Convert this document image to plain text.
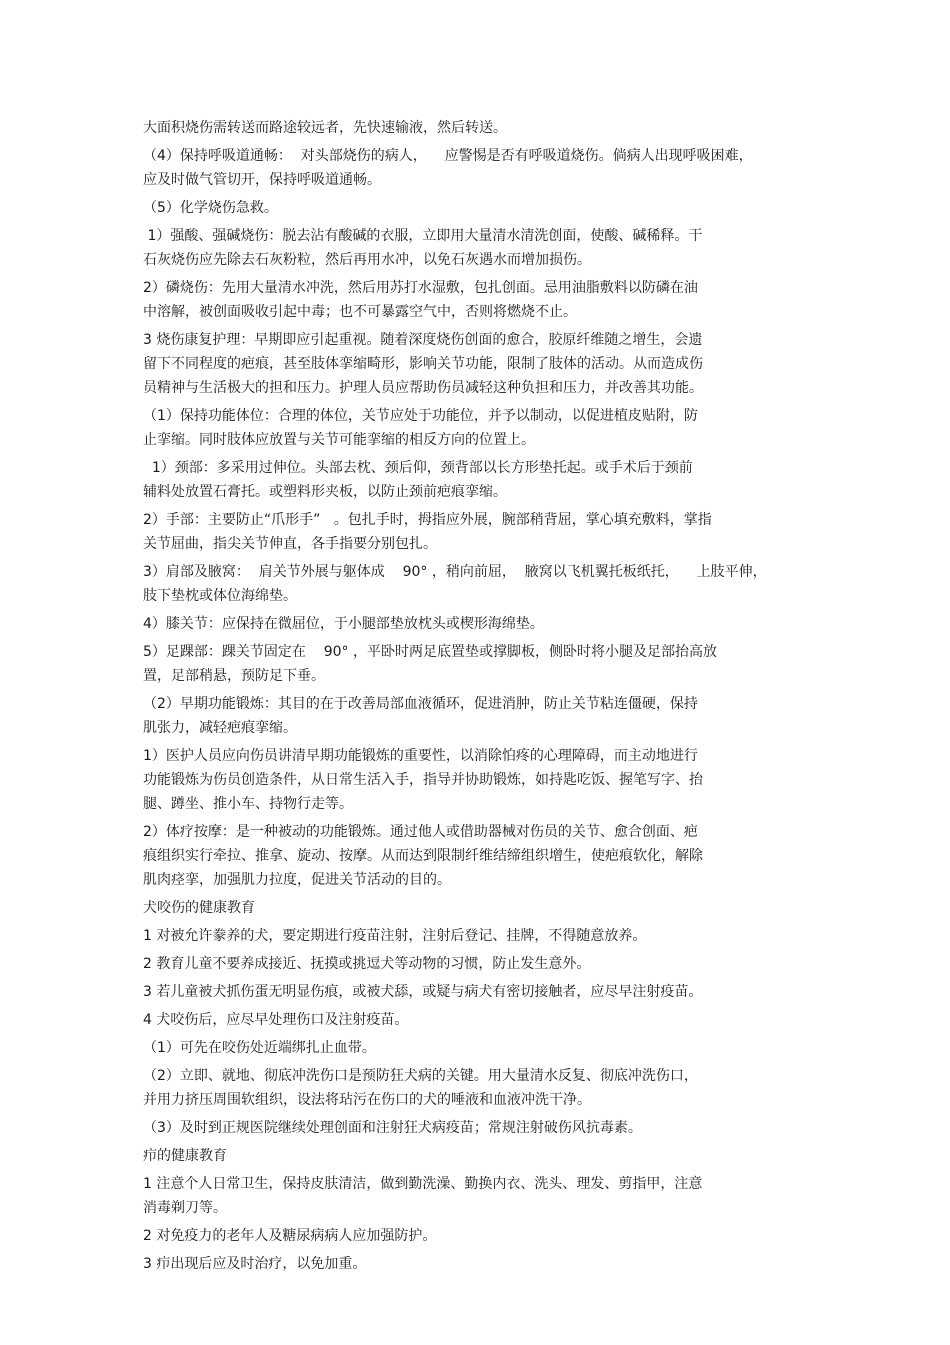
大面积烧伤需转送而路途较远者，先快速输液，然后转送。

（4）保持呼吸道通畅：  对头部烧伤的病人，    应警惕是否有呼吸道烧伤。倘病人出现呼吸困难，
应及时做气管切开，保持呼吸道通畅。

（5）化学烧伤急救。

1）强酸、强碱烧伤：脱去沾有酸碱的衣服，立即用大量清水清洗创面，使酸、碱稀释。干
石灰烧伤应先除去石灰粉粒，然后再用水冲，以免石灰遇水而增加损伤。

2）磷烧伤：先用大量清水冲洗，然后用苏打水湿敷，包扎创面。忌用油脂敷料以防磷在油
中溶解，被创面吸收引起中毒；也不可暴露空气中，否则将燃烧不止。

3 烧伤康复护理：早期即应引起重视。随着深度烧伤创面的愈合，胶原纤维随之增生，会遗
留下不同程度的疤痕，甚至肢体挛缩畸形，影响关节功能，限制了肢体的活动。从而造成伤
员精神与生活极大的担和压力。护理人员应帮助伤员减轻这种负担和压力，并改善其功能。

（1）保持功能体位：合理的体位，关节应处于功能位，并予以制动，以促进植皮贴附，防
止挛缩。同时肢体应放置与关节可能挛缩的相反方向的位置上。

1）颈部：多采用过伸位。头部去枕、颈后仰，颈背部以长方形垫托起。或手术后于颈前
辅料处放置石膏托。或塑料形夹板，以防止颈前疤痕挛缩。

2）手部：主要防止“爪形手”   。包扎手时，拇指应外展，腕部稍背屈，掌心填充敷料，掌指
关节屈曲，指尖关节伸直，各手指要分别包扎。

3）肩部及腋窝：  肩关节外展与躯体成    90° ，稍向前屈，  腋窝以飞机翼托板纸托，    上肢平伸，
肢下垫枕或体位海绵垫。

4）膝关节：应保持在微屈位，于小腿部垫放枕头或楔形海绵垫。

5）足踝部：踝关节固定在    90° ，平卧时两足底置垫或撑脚板，侧卧时将小腿及足部抬高放
置，足部稍悬，预防足下垂。

（2）早期功能锻炼：其目的在于改善局部血液循环，促进消肿，防止关节粘连僵硬，保持
肌张力，减轻疤痕挛缩。

1）医护人员应向伤员讲清早期功能锻炼的重要性，以消除怕疼的心理障碍，而主动地进行
功能锻炼为伤员创造条件，从日常生活入手，指导并协助锻炼，如持匙吃饭、握笔写字、抬
腿、蹲坐、推小车、持物行走等。

2）体疗按摩：是一种被动的功能锻炼。通过他人或借助器械对伤员的关节、愈合创面、疤
痕组织实行牵拉、推拿、旋动、按摩。从而达到限制纤维结缔组织增生，使疤痕软化，解除
肌肉痉挛，加强肌力拉度，促进关节活动的目的。

犬咬伤的健康教育

1 对被允许豢养的犬，要定期进行疫苗注射，注射后登记、挂牌，不得随意放养。

2 教育儿童不要养成接近、抚摸或挑逗犬等动物的习惯，防止发生意外。

3 若儿童被犬抓伤蛋无明显伤痕，或被犬舔，或疑与病犬有密切接触者，应尽早注射疫苗。

4 犬咬伤后，应尽早处理伤口及注射疫苗。

（1）可先在咬伤处近端绑扎止血带。

（2）立即、就地、彻底冲洗伤口是预防狂犬病的关键。用大量清水反复、彻底冲洗伤口，
并用力挤压周围软组织，设法将玷污在伤口的犬的唾液和血液冲洗干净。

（3）及时到正规医院继续处理创面和注射狂犬病疫苗；常规注射破伤风抗毒素。

疖的健康教育

1 注意个人日常卫生，保持皮肤清洁，做到勤洗澡、勤换内衣、洗头、理发、剪指甲，注意
消毒剃刀等。

2 对免疫力的老年人及糖尿病病人应加强防护。

3 疖出现后应及时治疗，以免加重。
